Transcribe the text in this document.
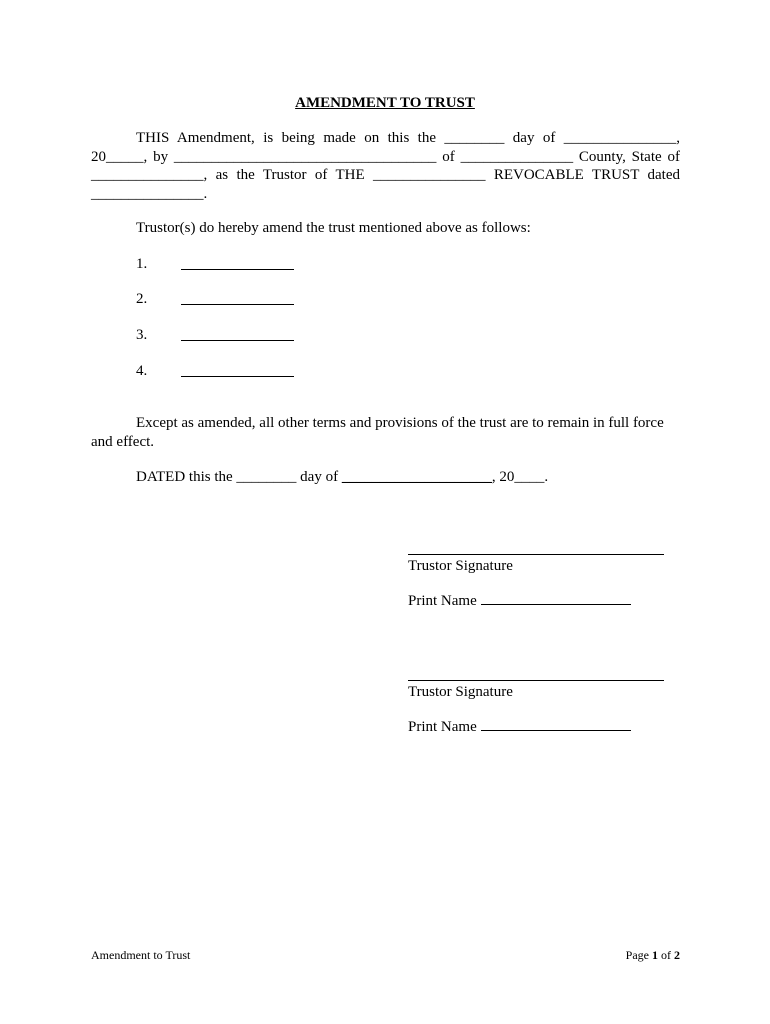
AMENDMENT TO TRUST

THIS Amendment, is being made on this the ________ day of _______________, 20_____, by ___________________________________ of _______________ County, State of _______________, as the Trustor of THE _______________ REVOCABLE TRUST dated _______________.

Trustor(s) do hereby amend the trust mentioned above as follows:
1.
2.
3.
4.

Except as amended, all other terms and provisions of the trust are to remain in full force and effect.

DATED this the ________ day of ____________________, 20____.
Trustor Signature
Print Name
Trustor Signature
Print Name
Amendment to Trust	Page 1 of 2
